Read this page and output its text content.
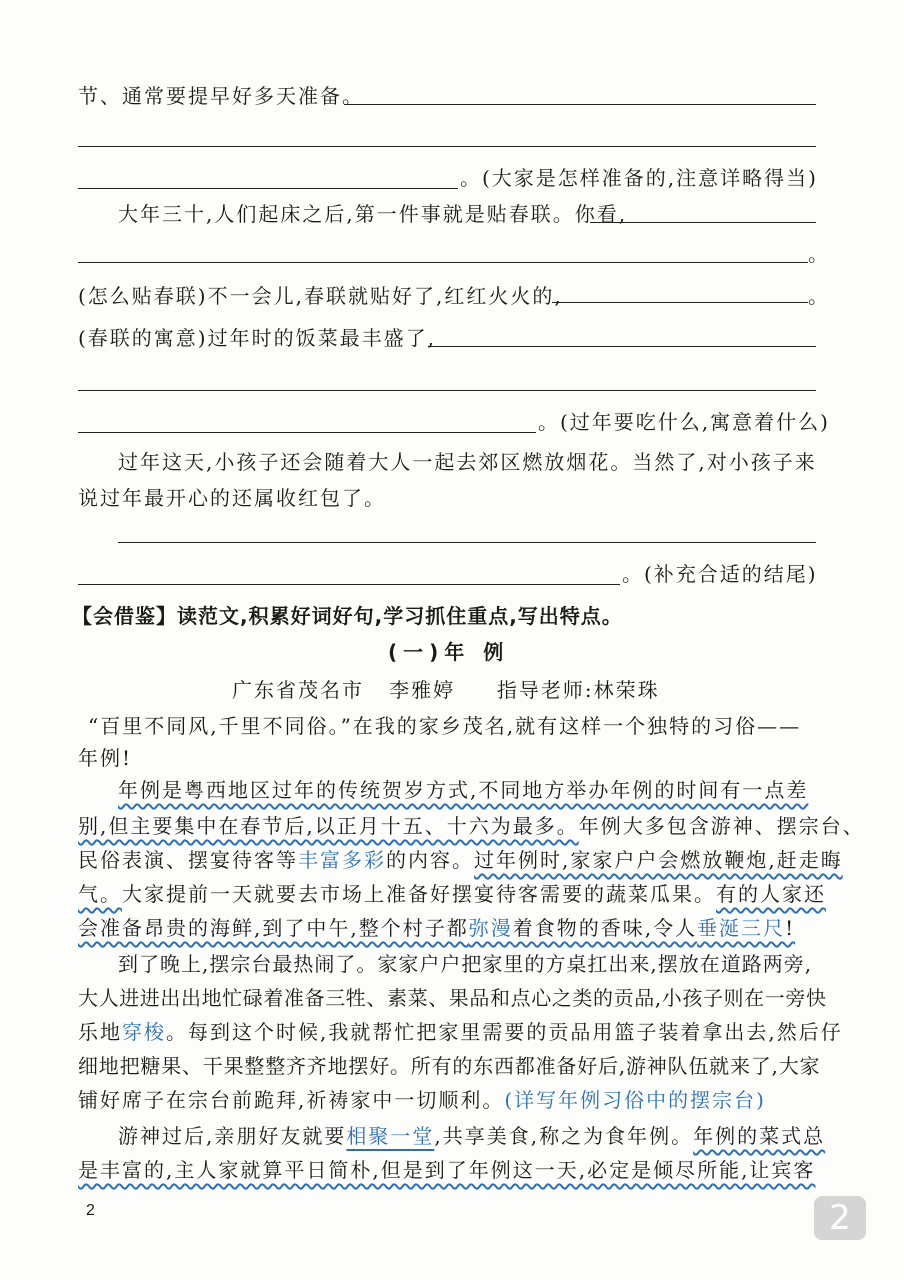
节、通常要提早好多天准备。
。(大家是怎样准备的,注意详略得当)
大年三十,人们起床之后,第一件事就是贴春联。你看,
。
(怎么贴春联)不一会儿,春联就贴好了,红红火火的,	。
(春联的寓意)过年时的饭菜最丰盛了,
。(过年要吃什么,寓意着什么)
过年这天,小孩子还会随着大人一起去郊区燃放烟花。当然了,对小孩子来
说过年最开心的还属收红包了。
。(补充合适的结尾)
【会借鉴】读范文,积累好词好句,学习抓住重点,写出特点。
(一)年 例
广东省茂名市   李雅婷     指导老师:林荣珠
“百里不同风,千里不同俗。”在我的家乡茂名,就有这样一个独特的习俗——
年例!
年例是粤西地区过年的传统贺岁方式,不同地方举办年例的时间有一点差
别,但主要集中在春节后,以正月十五、十六为最多。年例大多包含游神、摆宗台、
民俗表演、摆宴待客等丰富多彩的内容。过年例时,家家户户会燃放鞭炮,赶走晦
气。大家提前一天就要去市场上准备好摆宴待客需要的蔬菜瓜果。有的人家还
会准备昂贵的海鲜,到了中午,整个村子都弥漫着食物的香味,令人垂涎三尺!
到了晚上,摆宗台最热闹了。家家户户把家里的方桌扛出来,摆放在道路两旁,
大人进进出出地忙碌着准备三牲、素菜、果品和点心之类的贡品,小孩子则在一旁快
乐地穿梭。每到这个时候,我就帮忙把家里需要的贡品用篮子装着拿出去,然后仔
细地把糖果、干果整整齐齐地摆好。所有的东西都准备好后,游神队伍就来了,大家
铺好席子在宗台前跪拜,祈祷家中一切顺利。(详写年例习俗中的摆宗台)
游神过后,亲朋好友就要相聚一堂,共享美食,称之为食年例。年例的菜式总
是丰富的,主人家就算平日简朴,但是到了年例这一天,必定是倾尽所能,让宾客
2	2
